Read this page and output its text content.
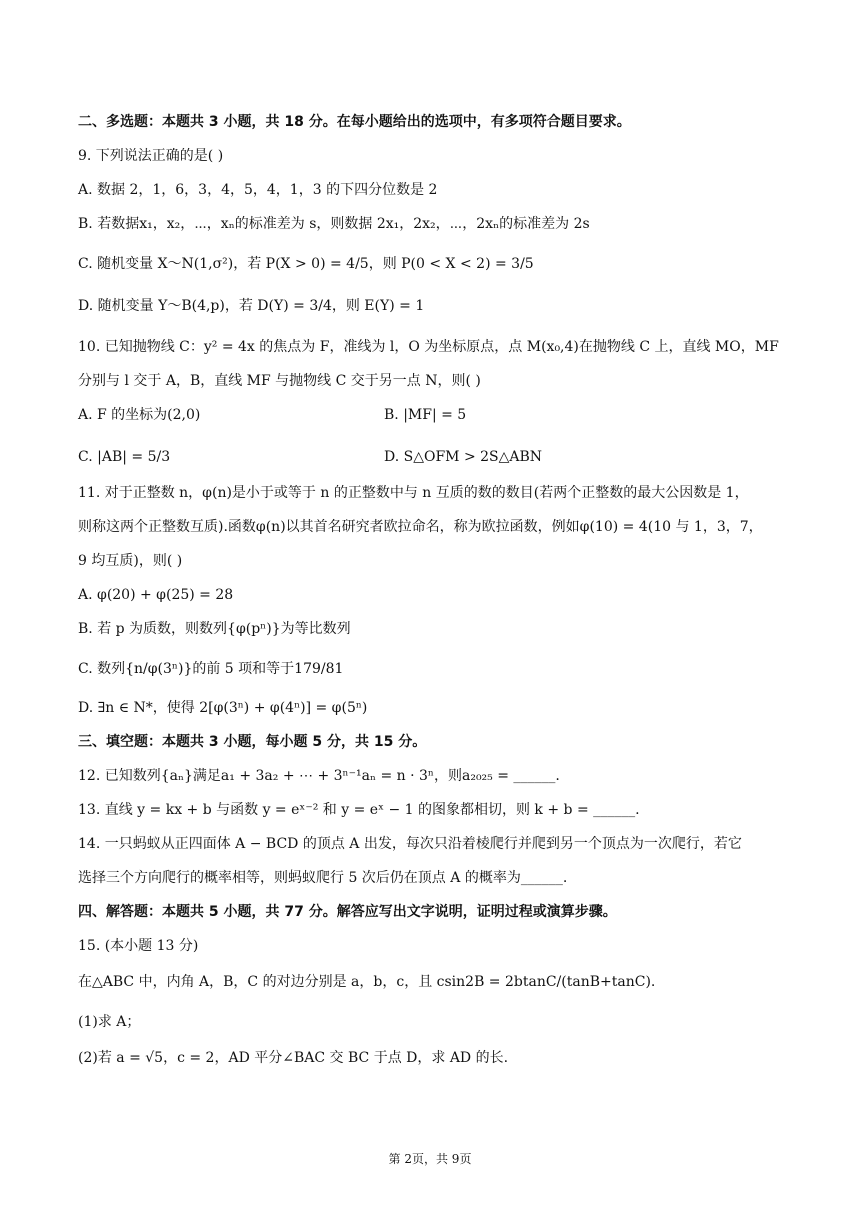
二、多选题：本题共 3 小题，共 18 分。在每小题给出的选项中，有多项符合题目要求。
9. 下列说法正确的是( )
A. 数据 2，1，6，3，4，5，4，1，3 的下四分位数是 2
B. 若数据x₁，x₂，⋯，xₙ的标准差为 s，则数据 2x₁，2x₂，⋯，2xₙ的标准差为 2s
C. 随机变量 X～N(1,σ²)，若 P(X > 0) = 4/5，则 P(0 < X < 2) = 3/5
D. 随机变量 Y～B(4,p)，若 D(Y) = 3/4，则 E(Y) = 1
10. 已知抛物线 C：y² = 4x 的焦点为 F，准线为 l，O 为坐标原点，点 M(x₀,4)在抛物线 C 上，直线 MO，MF
分别与 l 交于 A，B，直线 MF 与抛物线 C 交于另一点 N，则( )
A. F 的坐标为(2,0)	B. |MF| = 5
C. |AB| = 5/3	D. S△OFM > 2S△ABN
11. 对于正整数 n，φ(n)是小于或等于 n 的正整数中与 n 互质的数的数目(若两个正整数的最大公因数是 1，
则称这两个正整数互质).函数φ(n)以其首名研究者欧拉命名，称为欧拉函数，例如φ(10) = 4(10 与 1，3，7，
9 均互质)，则( )
A. φ(20) + φ(25) = 28
B. 若 p 为质数，则数列{φ(pⁿ)}为等比数列
C. 数列{n/φ(3ⁿ)}的前 5 项和等于179/81
D. ∃n ∈ N*，使得 2[φ(3ⁿ) + φ(4ⁿ)] = φ(5ⁿ)
三、填空题：本题共 3 小题，每小题 5 分，共 15 分。
12. 已知数列{aₙ}满足a₁ + 3a₂ + ⋯ + 3ⁿ⁻¹aₙ = n · 3ⁿ，则a₂₀₂₅ = ______.
13. 直线 y = kx + b 与函数 y = eˣ⁻² 和 y = eˣ − 1 的图象都相切，则 k + b = ______.
14. 一只蚂蚁从正四面体 A − BCD 的顶点 A 出发，每次只沿着棱爬行并爬到另一个顶点为一次爬行，若它
选择三个方向爬行的概率相等，则蚂蚁爬行 5 次后仍在顶点 A 的概率为______.
四、解答题：本题共 5 小题，共 77 分。解答应写出文字说明，证明过程或演算步骤。
15. (本小题 13 分)
在△ABC 中，内角 A，B，C 的对边分别是 a，b，c，且 csin2B = 2btanC/(tanB+tanC).
(1)求 A；
(2)若 a = √5，c = 2，AD 平分∠BAC 交 BC 于点 D，求 AD 的长.
第 2页，共 9页
